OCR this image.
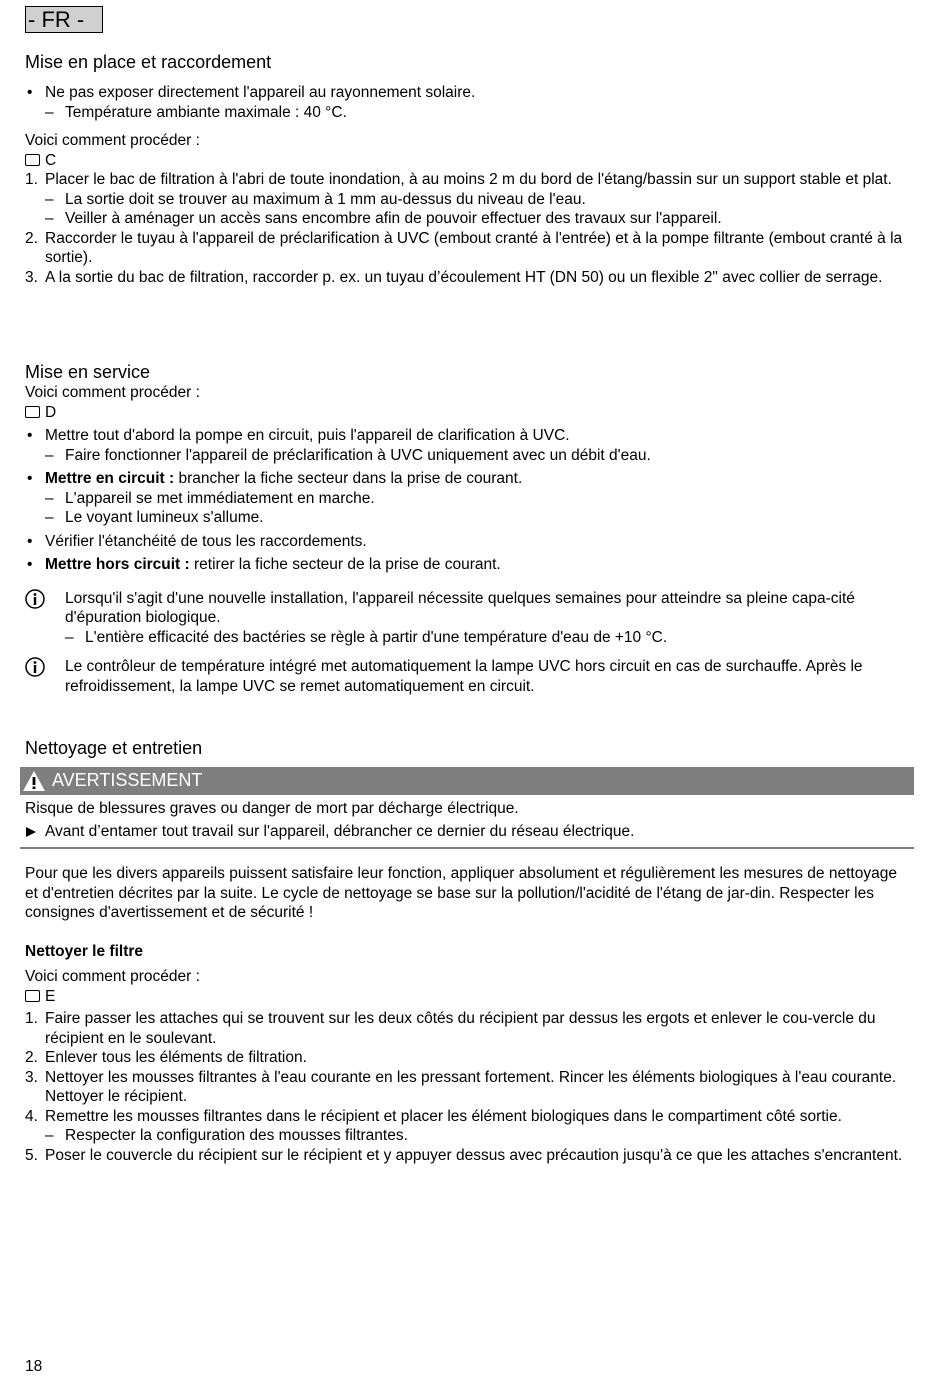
- FR -
Mise en place et raccordement

• Ne pas exposer directement l'appareil au rayonnement solaire.

– Température ambiante maximale : 40 °C.

Voici comment procéder :

C
1. Placer le bac de filtration à l'abri de toute inondation, à au moins 2 m du bord de l'étang/bassin sur un support stable et plat.

– La sortie doit se trouver au maximum à 1 mm au-dessus du niveau de l'eau.

– Veiller à aménager un accès sans encombre afin de pouvoir effectuer des travaux sur l'appareil.

2. Raccorder le tuyau à l'appareil de préclarification à UVC (embout cranté à l'entrée) et à la pompe filtrante (embout cranté à la sortie).
3. A la sortie du bac de filtration, raccorder p. ex. un tuyau d’écoulement HT (DN 50) ou un flexible 2" avec collier de serrage.
Mise en service

Voici comment procéder :

D

• Mettre tout d'abord la pompe en circuit, puis l'appareil de clarification à UVC.

– Faire fonctionner l'appareil de préclarification à UVC uniquement avec un débit d'eau.

• Mettre en circuit : brancher la fiche secteur dans la prise de courant.

– L'appareil se met immédiatement en marche.

– Le voyant lumineux s'allume.

• Vérifier l'étanchéité de tous les raccordements.

• Mettre hors circuit : retirer la fiche secteur de la prise de courant.

Lorsqu'il s'agit d'une nouvelle installation, l'appareil nécessite quelques semaines pour atteindre sa pleine capa-cité d'épuration biologique.

– L'entière efficacité des bactéries se règle à partir d'une température d'eau de +10 °C.

Le contrôleur de température intégré met automatiquement la lampe UVC hors circuit en cas de surchauffe. Après le refroidissement, la lampe UVC se remet automatiquement en circuit.

Nettoyage et entretien
AVERTISSEMENT

Risque de blessures graves ou danger de mort par décharge électrique.

Avant d’entamer tout travail sur l'appareil, débrancher ce dernier du réseau électrique.

Pour que les divers appareils puissent satisfaire leur fonction, appliquer absolument et régulièrement les mesures de nettoyage et d'entretien décrites par la suite. Le cycle de nettoyage se base sur la pollution/l'acidité de l'étang de jar-din. Respecter les consignes d'avertissement et de sécurité !

Nettoyer le filtre

Voici comment procéder :

E
1. Faire passer les attaches qui se trouvent sur les deux côtés du récipient par dessus les ergots et enlever le cou-vercle du récipient en le soulevant.
2. Enlever tous les éléments de filtration.
3. Nettoyer les mousses filtrantes à l'eau courante en les pressant fortement. Rincer les éléments biologiques à l'eau courante. Nettoyer le récipient.
4. Remettre les mousses filtrantes dans le récipient et placer les élément biologiques dans le compartiment côté sortie.

– Respecter la configuration des mousses filtrantes.

5. Poser le couvercle du récipient sur le récipient et y appuyer dessus avec précaution jusqu'à ce que les attaches s'encrantent.
18
